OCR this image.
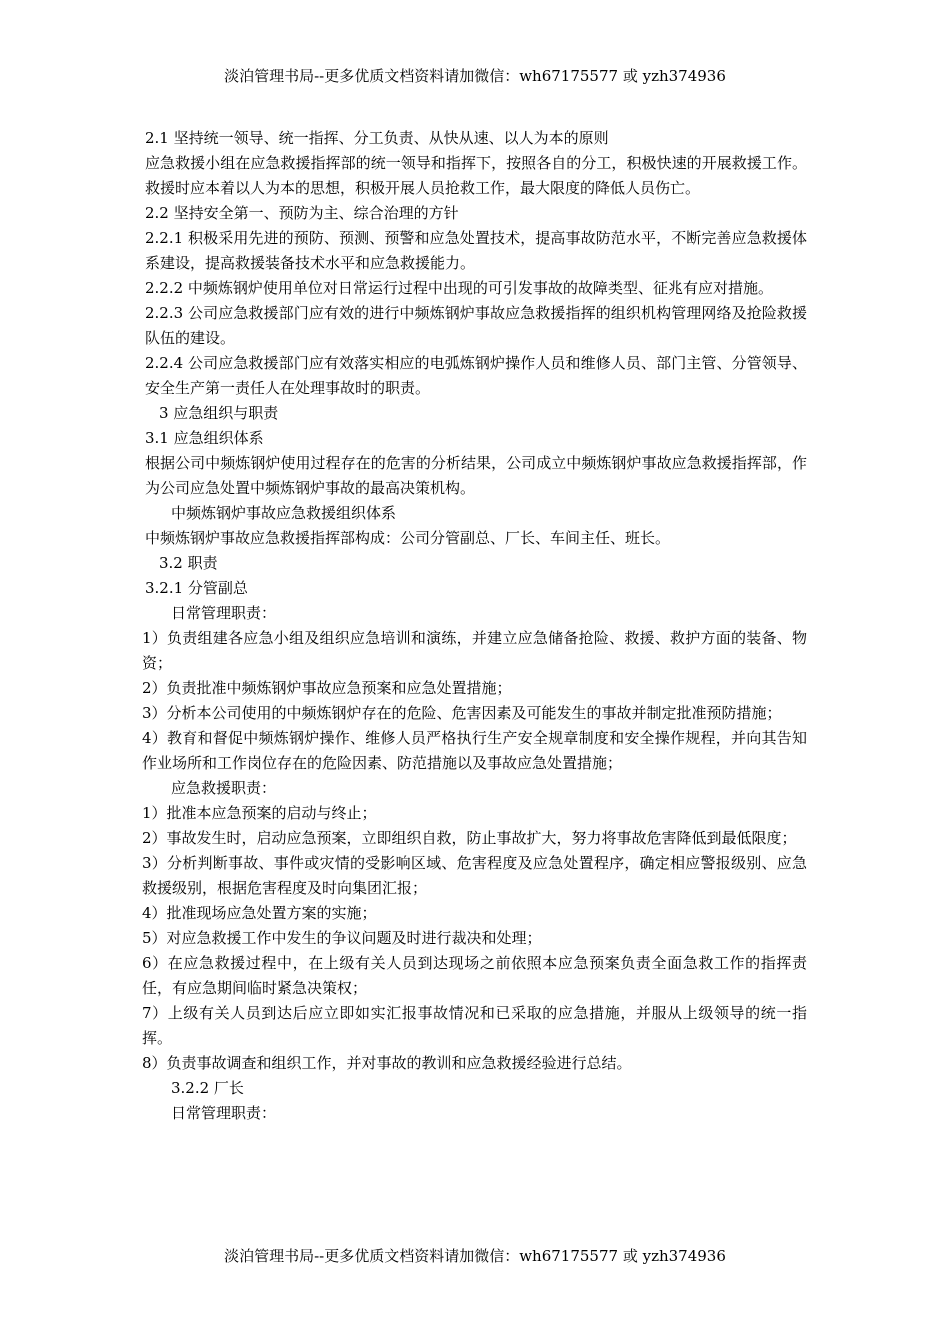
淡泊管理书局--更多优质文档资料请加微信：wh67175577 或 yzh374936

2.1 坚持统一领导、统一指挥、分工负责、从快从速、以人为本的原则

应急救援小组在应急救援指挥部的统一领导和指挥下，按照各自的分工，积极快速的开展救援工作。救援时应本着以人为本的思想，积极开展人员抢救工作，最大限度的降低人员伤亡。

2.2 坚持安全第一、预防为主、综合治理的方针

2.2.1 积极采用先进的预防、预测、预警和应急处置技术，提高事故防范水平，不断完善应急救援体系建设，提高救援装备技术水平和应急救援能力。

2.2.2 中频炼钢炉使用单位对日常运行过程中出现的可引发事故的故障类型、征兆有应对措施。

2.2.3 公司应急救援部门应有效的进行中频炼钢炉事故应急救援指挥的组织机构管理网络及抢险救援队伍的建设。

2.2.4 公司应急救援部门应有效落实相应的电弧炼钢炉操作人员和维修人员、部门主管、分管领导、安全生产第一责任人在处理事故时的职责。

3 应急组织与职责

3.1 应急组织体系

根据公司中频炼钢炉使用过程存在的危害的分析结果，公司成立中频炼钢炉事故应急救援指挥部，作为公司应急处置中频炼钢炉事故的最高决策机构。

中频炼钢炉事故应急救援组织体系

中频炼钢炉事故应急救援指挥部构成：公司分管副总、厂长、车间主任、班长。

3.2 职责

3.2.1 分管副总

日常管理职责：

1）负责组建各应急小组及组织应急培训和演练，并建立应急储备抢险、救援、救护方面的装备、物资；

2）负责批准中频炼钢炉事故应急预案和应急处置措施；

3）分析本公司使用的中频炼钢炉存在的危险、危害因素及可能发生的事故并制定批准预防措施；

4）教育和督促中频炼钢炉操作、维修人员严格执行生产安全规章制度和安全操作规程，并向其告知作业场所和工作岗位存在的危险因素、防范措施以及事故应急处置措施；

应急救援职责：

1）批准本应急预案的启动与终止；

2）事故发生时，启动应急预案，立即组织自救，防止事故扩大，努力将事故危害降低到最低限度；

3）分析判断事故、事件或灾情的受影响区域、危害程度及应急处置程序，确定相应警报级别、应急救援级别，根据危害程度及时向集团汇报；

4）批准现场应急处置方案的实施；

5）对应急救援工作中发生的争议问题及时进行裁决和处理；

6）在应急救援过程中，在上级有关人员到达现场之前依照本应急预案负责全面急救工作的指挥责任，有应急期间临时紧急决策权；

7）上级有关人员到达后应立即如实汇报事故情况和已采取的应急措施，并服从上级领导的统一指挥。

8）负责事故调查和组织工作，并对事故的教训和应急救援经验进行总结。

3.2.2 厂长

日常管理职责：

淡泊管理书局--更多优质文档资料请加微信：wh67175577 或 yzh374936
